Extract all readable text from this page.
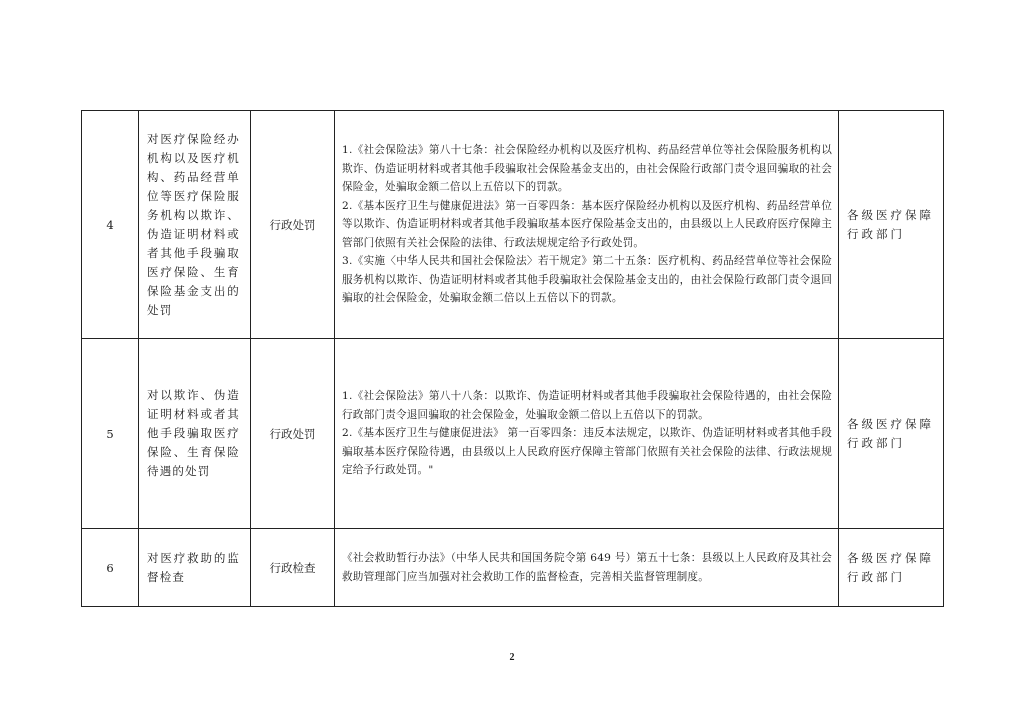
4	对医疗保险经办机构以及医疗机构、药品经营单位等医疗保险服务机构以欺诈、伪造证明材料或者其他手段骗取医疗保险、生育保险基金支出的处罚	行政处罚	1.《社会保险法》第八十七条：社会保险经办机构以及医疗机构、药品经营单位等社会保险服务机构以欺诈、伪造证明材料或者其他手段骗取社会保险基金支出的，由社会保险行政部门责令退回骗取的社会保险金，处骗取金额二倍以上五倍以下的罚款。

2.《基本医疗卫生与健康促进法》第一百零四条：基本医疗保险经办机构以及医疗机构、药品经营单位等以欺诈、伪造证明材料或者其他手段骗取基本医疗保险基金支出的，由县级以上人民政府医疗保障主管部门依照有关社会保险的法律、行政法规规定给予行政处罚。

3.《实施〈中华人民共和国社会保险法〉若干规定》第二十五条：医疗机构、药品经营单位等社会保险服务机构以欺诈、伪造证明材料或者其他手段骗取社会保险基金支出的，由社会保险行政部门责令退回骗取的社会保险金，处骗取金额二倍以上五倍以下的罚款。	各级医疗保障行政部门

5	对以欺诈、伪造证明材料或者其他手段骗取医疗保险、生育保险待遇的处罚	行政处罚	1.《社会保险法》第八十八条：以欺诈、伪造证明材料或者其他手段骗取社会保险待遇的，由社会保险行政部门责令退回骗取的社会保险金，处骗取金额二倍以上五倍以下的罚款。

2.《基本医疗卫生与健康促进法》 第一百零四条：违反本法规定，以欺诈、伪造证明材料或者其他手段骗取基本医疗保险待遇，由县级以上人民政府医疗保障主管部门依照有关社会保险的法律、行政法规规定给予行政处罚。"	各级医疗保障行政部门

6	对医疗救助的监督检查	行政检查	《社会救助暂行办法》（中华人民共和国国务院令第 649 号）第五十七条：县级以上人民政府及其社会救助管理部门应当加强对社会救助工作的监督检查，完善相关监督管理制度。	各级医疗保障行政部门
2
